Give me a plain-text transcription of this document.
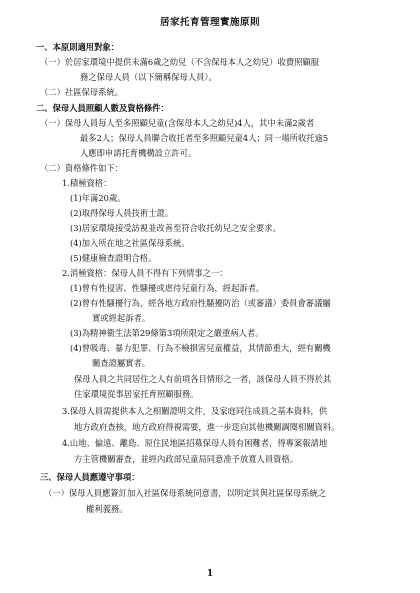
居家托育管理實施原則
一、本原則適用對象：
（一）於居家環境中提供未滿6歲之幼兒（不含保母本人之幼兒）收費照顧服
務之保母人員（以下簡稱保母人員）。
（二）社區保母系統。
二、保母人員照顧人數及資格條件：
（一）保母人員每人至多照顧兒童(含保母本人之幼兒)4人，其中未滿2歲者
最多2人；保母人員聯合收托者至多照顧兒童4人；同一場所收托逾5
人應即申請托育機構設立許可。
（二）資格條件如下：
1.積極資格：
(1)年滿20歲。
(2)取得保母人員技術士證。
(3)居家環境接受訪視並改善至符合收托幼兒之安全要求。
(4)加入所在地之社區保母系統。
(5)健康檢查證明合格。
2.消極資格：保母人員不得有下列情事之一：
(1)曾有性侵害、性騷擾或虐待兒童行為，經起訴者。
(2)曾有性騷擾行為，經各地方政府性騷擾防治（或審議）委員會審議屬
實或經起訴者。
(3)為精神衛生法第29條第3項所限定之嚴重病人者。
(4)曾吸毒、暴力犯罪、行為不檢損害兒童權益，其情節重大，經有關機
關查證屬實者。
保母人員之共同居住之人有前項各目情形之一者，該保母人員不得於其
住家環境從事居家托育照顧服務。
3.保母人員需提供本人之相關證明文件，及家庭同住成員之基本資料，供
地方政府查核，地方政府得視需要，進一步逕向其他機關調閱相關資料。
4.山地、偏遠、離島、原住民地區招募保母人員有困難者，得專案報請地
方主管機關審查，並經內政部兒童局同意准予放寬人員資格。
三、保母人員應遵守事項：
（一）保母人員應簽訂加入社區保母系統同意書，以明定其與社區保母系統之
權利義務。
1
